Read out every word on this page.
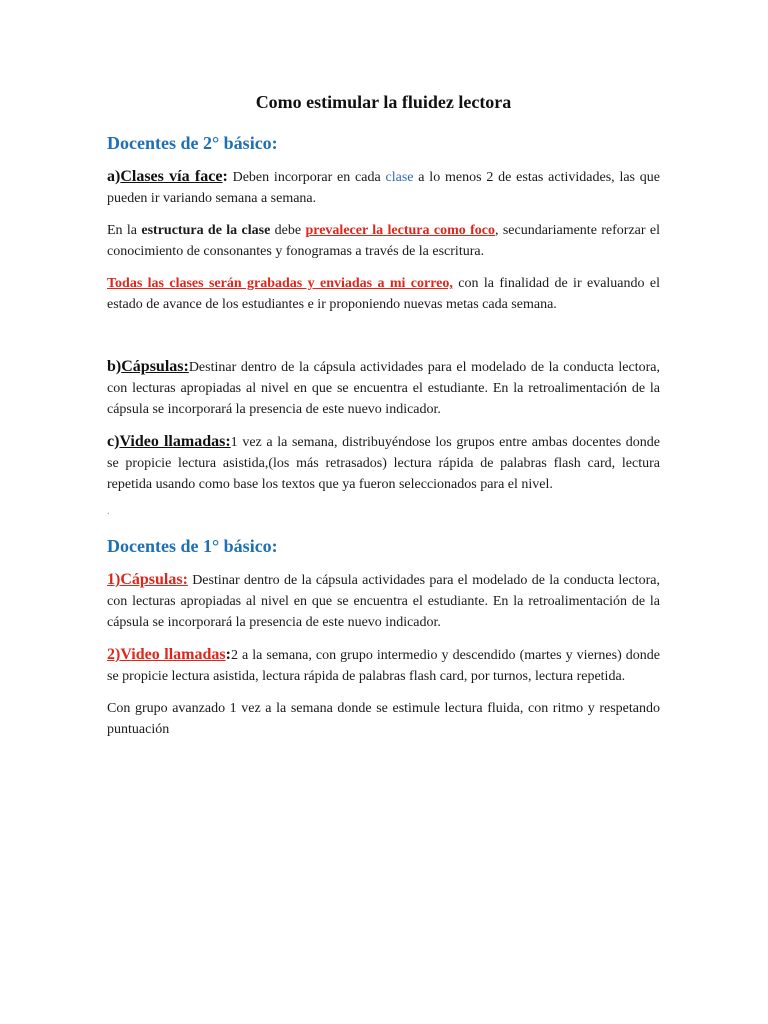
Como estimular la fluidez lectora
Docentes de 2° básico:

a)Clases vía face: Deben incorporar en cada clase a lo menos 2 de estas actividades, las que pueden ir variando semana a semana.

En la estructura de la clase debe prevalecer la lectura como foco, secundariamente reforzar el conocimiento de consonantes y fonogramas a través de la escritura.

Todas las clases serán grabadas y enviadas a mi correo, con la finalidad de ir evaluando el estado de avance de los estudiantes e ir proponiendo nuevas metas cada semana.

b)Cápsulas:Destinar dentro de la cápsula actividades para el modelado de la conducta lectora, con lecturas apropiadas al nivel en que se encuentra el estudiante. En la retroalimentación de la cápsula se incorporará la presencia de este nuevo indicador.

c)Video llamadas:1 vez a la semana, distribuyéndose los grupos entre ambas docentes donde se propicie lectura asistida,(los más retrasados) lectura rápida de palabras flash card, lectura repetida usando como base los textos que ya fueron seleccionados para el nivel.

.
Docentes de 1° básico:

1)Cápsulas: Destinar dentro de la cápsula actividades para el modelado de la conducta lectora, con lecturas apropiadas al nivel en que se encuentra el estudiante. En la retroalimentación de la cápsula se incorporará la presencia de este nuevo indicador.

2)Video llamadas:2 a la semana, con grupo intermedio y descendido (martes y viernes) donde se propicie lectura asistida, lectura rápida de palabras flash card, por turnos, lectura repetida.

Con grupo avanzado 1 vez a la semana donde se estimule lectura fluida, con ritmo y respetando puntuación
